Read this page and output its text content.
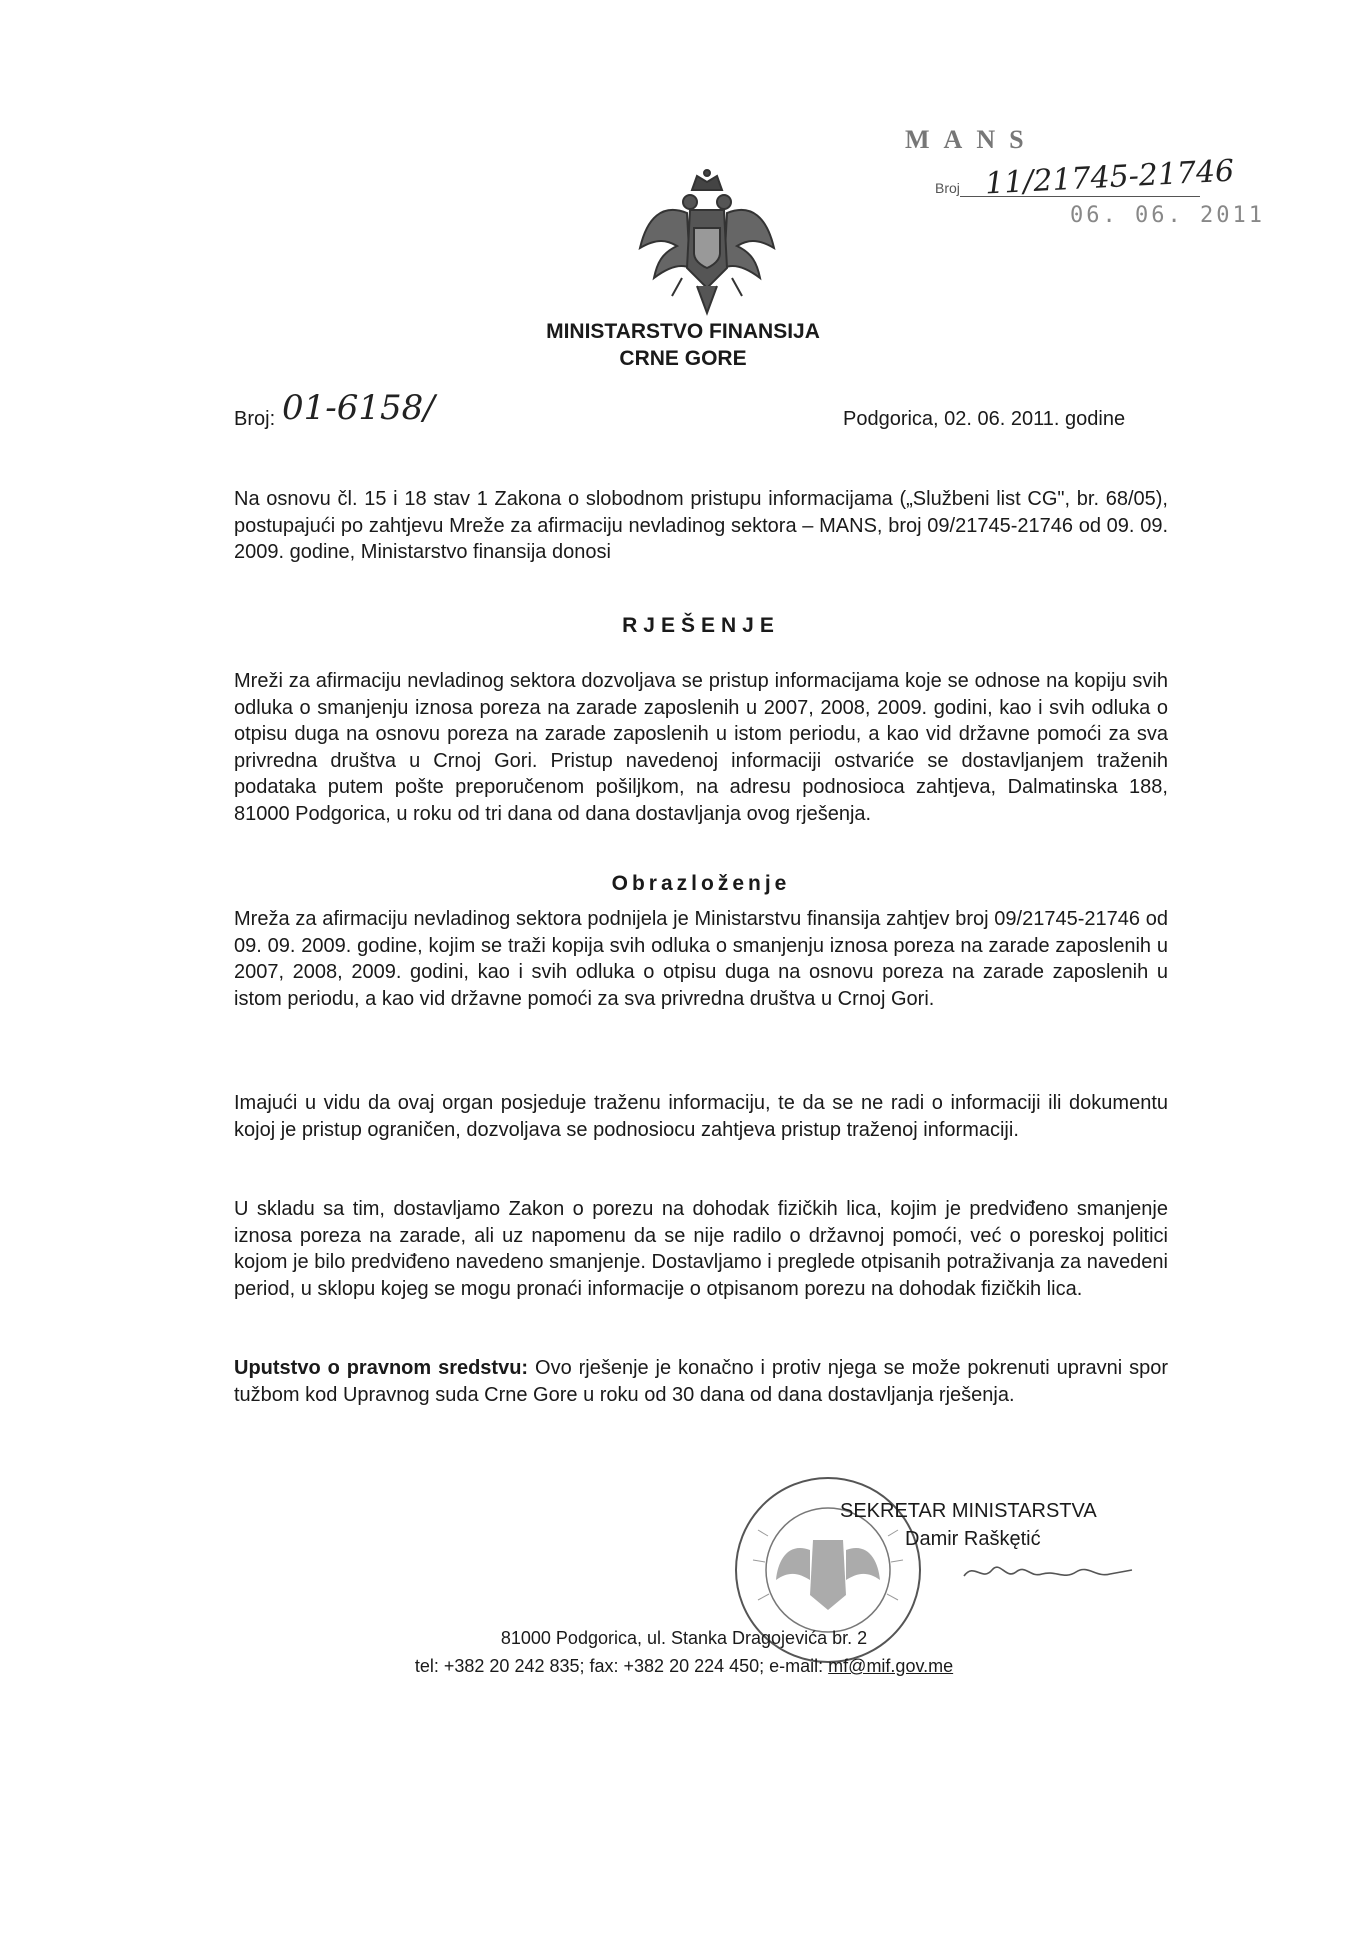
MANS
Broj 11/21745-21746
06. 06. 2011
MINISTARSTVO FINANSIJA
CRNE GORE
Broj: 01-6158/	Podgorica, 02. 06. 2011. godine
Na osnovu čl. 15 i 18 stav 1 Zakona o slobodnom pristupu informacijama („Službeni list CG", br. 68/05), postupajući po zahtjevu Mreže za afirmaciju nevladinog sektora – MANS, broj 09/21745-21746 od 09. 09. 2009. godine, Ministarstvo finansija donosi
RJEŠENJE
Mreži za afirmaciju nevladinog sektora dozvoljava se pristup informacijama koje se odnose na kopiju svih odluka o smanjenju iznosa poreza na zarade zaposlenih u 2007, 2008, 2009. godini, kao i svih odluka o otpisu duga na osnovu poreza na zarade zaposlenih u istom periodu, a kao vid državne pomoći za sva privredna društva u Crnoj Gori. Pristup navedenoj informaciji ostvariće se dostavljanjem traženih podataka putem pošte preporučenom pošiljkom, na adresu podnosioca zahtjeva, Dalmatinska 188, 81000 Podgorica, u roku od tri dana od dana dostavljanja ovog rješenja.
Obrazloženje
Mreža za afirmaciju nevladinog sektora podnijela je Ministarstvu finansija zahtjev broj 09/21745-21746 od 09. 09. 2009. godine, kojim se traži kopija svih odluka o smanjenju iznosa poreza na zarade zaposlenih u 2007, 2008, 2009. godini, kao i svih odluka o otpisu duga na osnovu poreza na zarade zaposlenih u istom periodu, a kao vid državne pomoći za sva privredna društva u Crnoj Gori.
Imajući u vidu da ovaj organ posjeduje traženu informaciju, te da se ne radi o informaciji ili dokumentu kojoj je pristup ograničen, dozvoljava se podnosiocu zahtjeva pristup traženoj informaciji.
U skladu sa tim, dostavljamo Zakon o porezu na dohodak fizičkih lica, kojim je predviđeno smanjenje iznosa poreza na zarade, ali uz napomenu da se nije radilo o državnoj pomoći, već o poreskoj politici kojom je bilo predviđeno navedeno smanjenje. Dostavljamo i preglede otpisanih potraživanja za navedeni period, u sklopu kojeg se mogu pronaći informacije o otpisanom porezu na dohodak fizičkih lica.
Uputstvo o pravnom sredstvu: Ovo rješenje je konačno i protiv njega se može pokrenuti upravni spor tužbom kod Upravnog suda Crne Gore u roku od 30 dana od dana dostavljanja rješenja.
SEKRETAR MINISTARSTVA
Damir Raškętić
81000 Podgorica, ul. Stanka Dragojevića br. 2
tel: +382 20 242 835; fax: +382 20 224 450; e-mail: mf@mif.gov.me
